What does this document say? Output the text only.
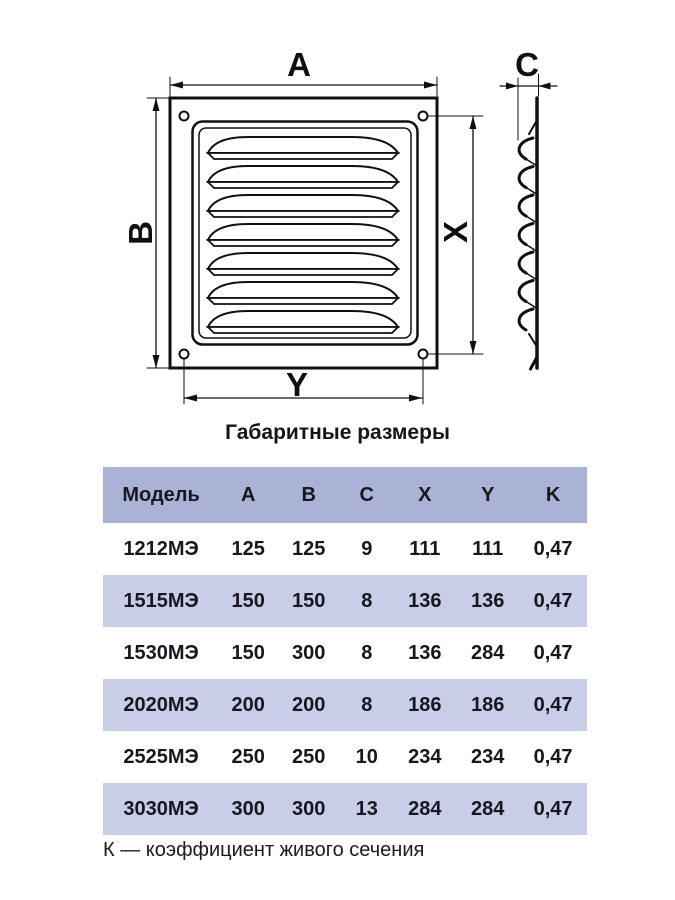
A
B	X
Y
C
Габаритные размеры
Модель	A	B	C	X	Y	K
1212МЭ	125	125	9	111	111	0,47
1515МЭ	150	150	8	136	136	0,47
1530МЭ	150	300	8	136	284	0,47
2020МЭ	200	200	8	186	186	0,47
2525МЭ	250	250	10	234	234	0,47
3030МЭ	300	300	13	284	284	0,47
К — коэффициент живого сечения
